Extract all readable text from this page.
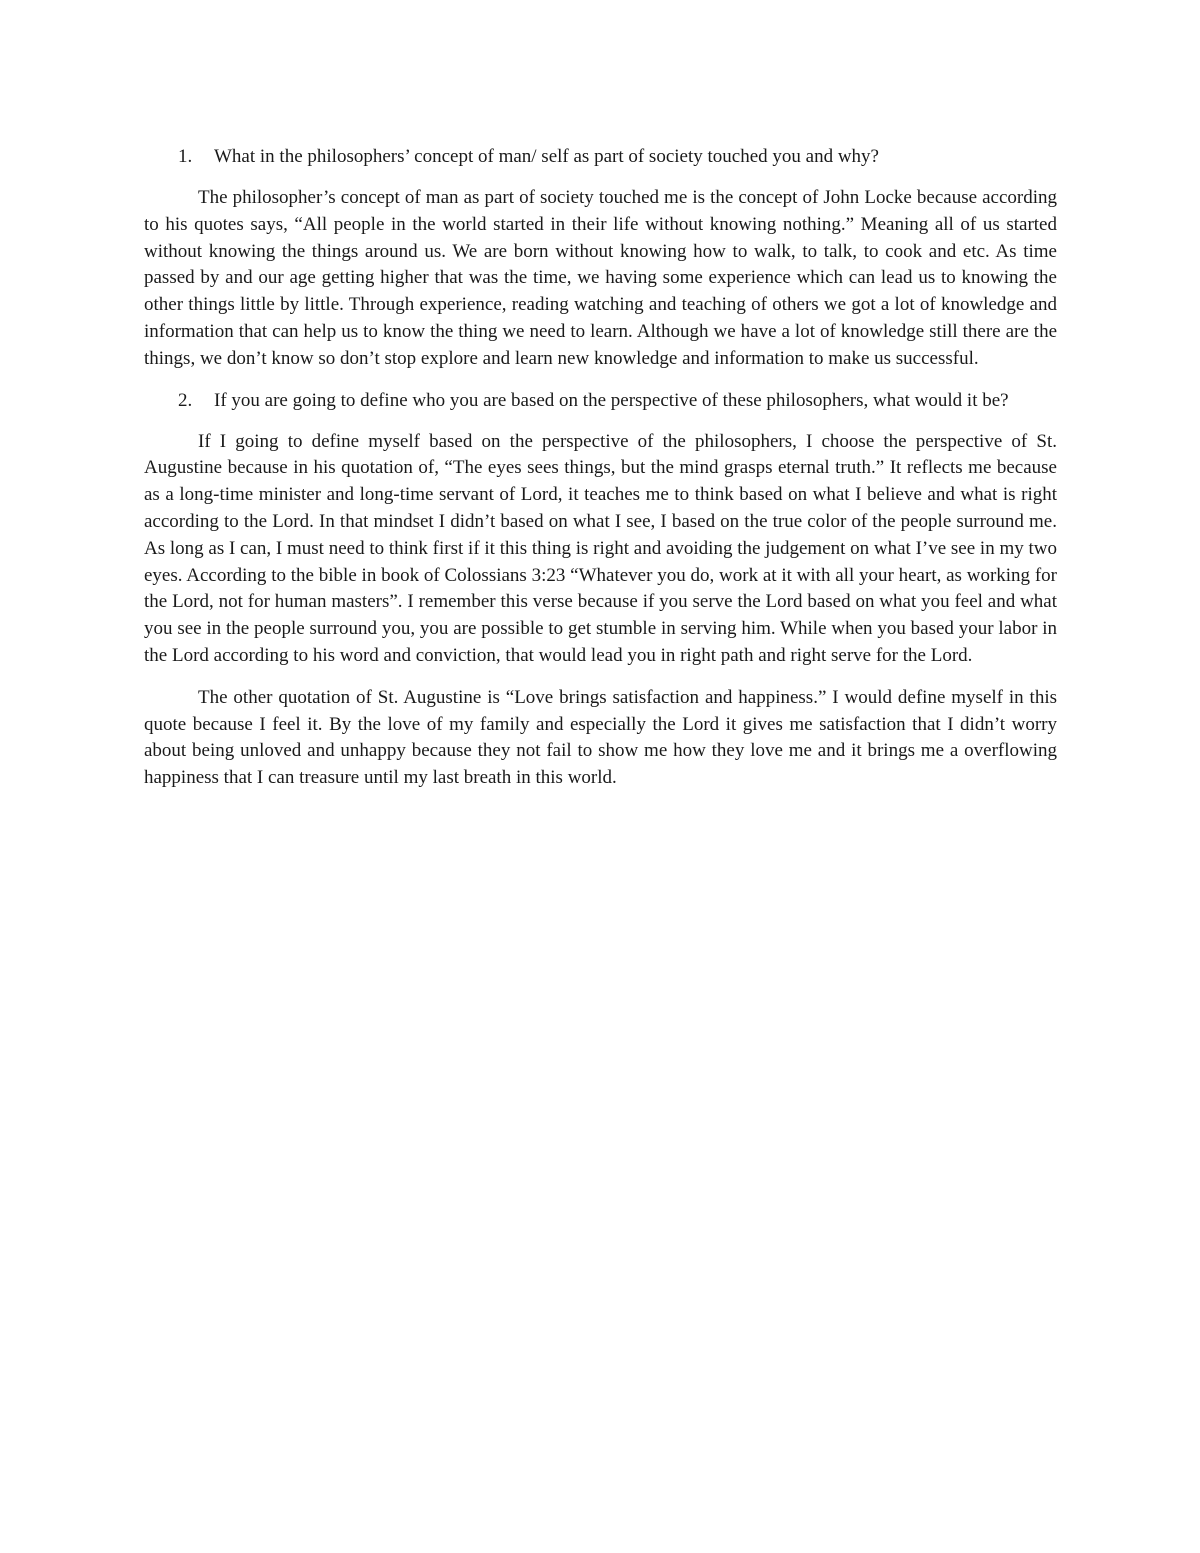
1.	What in the philosophers’ concept of man/ self as part of society touched you and why?

The philosopher’s concept of man as part of society touched me is the concept of John Locke because according to his quotes says, “All people in the world started in their life without knowing nothing.” Meaning all of us started without knowing the things around us. We are born without knowing how to walk, to talk, to cook and etc. As time passed by and our age getting higher that was the time, we having some experience which can lead us to knowing the other things little by little. Through experience, reading watching and teaching of others we got a lot of knowledge and information that can help us to know the thing we need to learn. Although we have a lot of knowledge still there are the things, we don’t know so don’t stop explore and learn new knowledge and information to make us successful.

2.	If you are going to define who you are based on the perspective of these philosophers, what would it be?

If I going to define myself based on the perspective of the philosophers, I choose the perspective of St. Augustine because in his quotation of, “The eyes sees things, but the mind grasps eternal truth.” It reflects me because as a long-time minister and long-time servant of Lord, it teaches me to think based on what I believe and what is right according to the Lord. In that mindset I didn’t based on what I see, I based on the true color of the people surround me. As long as I can, I must need to think first if it this thing is right and avoiding the judgement on what I’ve see in my two eyes. According to the bible in book of Colossians 3:23 “Whatever you do, work at it with all your heart, as working for the Lord, not for human masters”. I remember this verse because if you serve the Lord based on what you feel and what you see in the people surround you, you are possible to get stumble in serving him. While when you based your labor in the Lord according to his word and conviction, that would lead you in right path and right serve for the Lord.

The other quotation of St. Augustine is “Love brings satisfaction and happiness.” I would define myself in this quote because I feel it. By the love of my family and especially the Lord it gives me satisfaction that I didn’t worry about being unloved and unhappy because they not fail to show me how they love me and it brings me a overflowing happiness that I can treasure until my last breath in this world.
